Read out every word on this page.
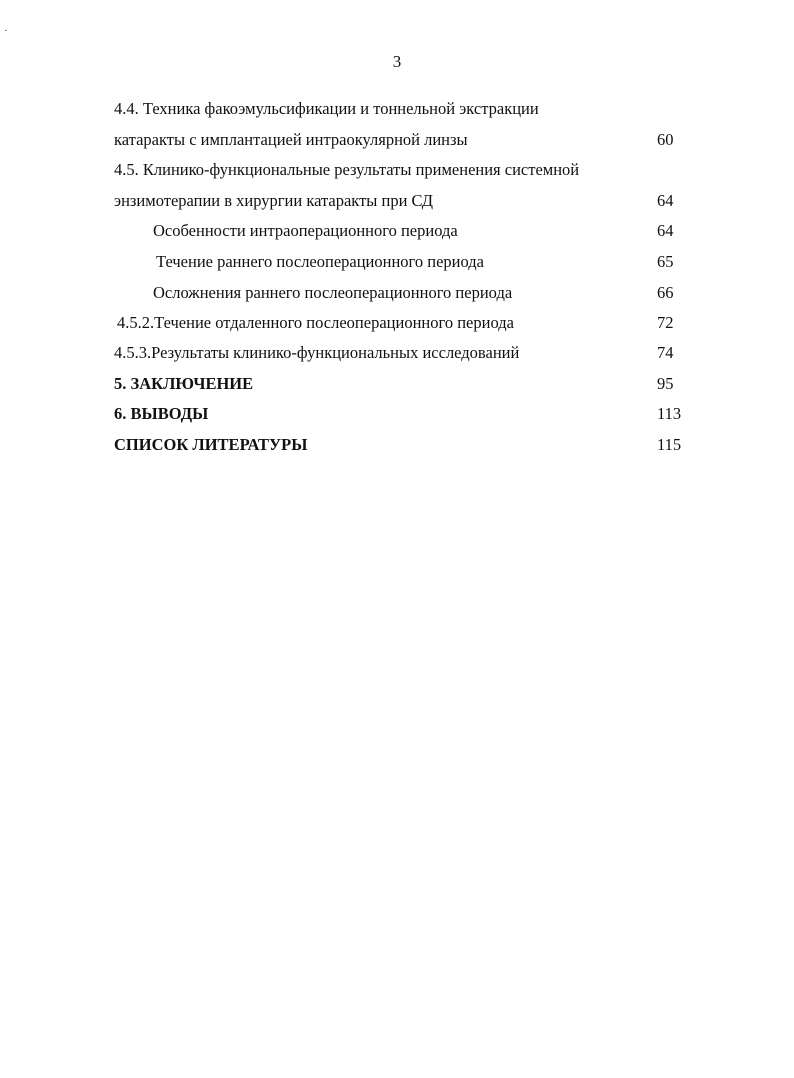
3
4.4. Техника факоэмульсификации и тоннельной экстракции
катаракты с имплантацией интраокулярной линзы	60
4.5. Клинико-функциональные результаты применения системной
энзимотерапии в хирургии катаракты при СД	64
Особенности интраоперационного периода	64
Течение раннего послеоперационного периода	65
Осложнения раннего послеоперационного периода	66
4.5.2.Течение отдаленного послеоперационного периода	72
4.5.3.Результаты клинико-функциональных исследований	74
5. ЗАКЛЮЧЕНИЕ	95
6. ВЫВОДЫ	113
СПИСОК ЛИТЕРАТУРЫ	115
